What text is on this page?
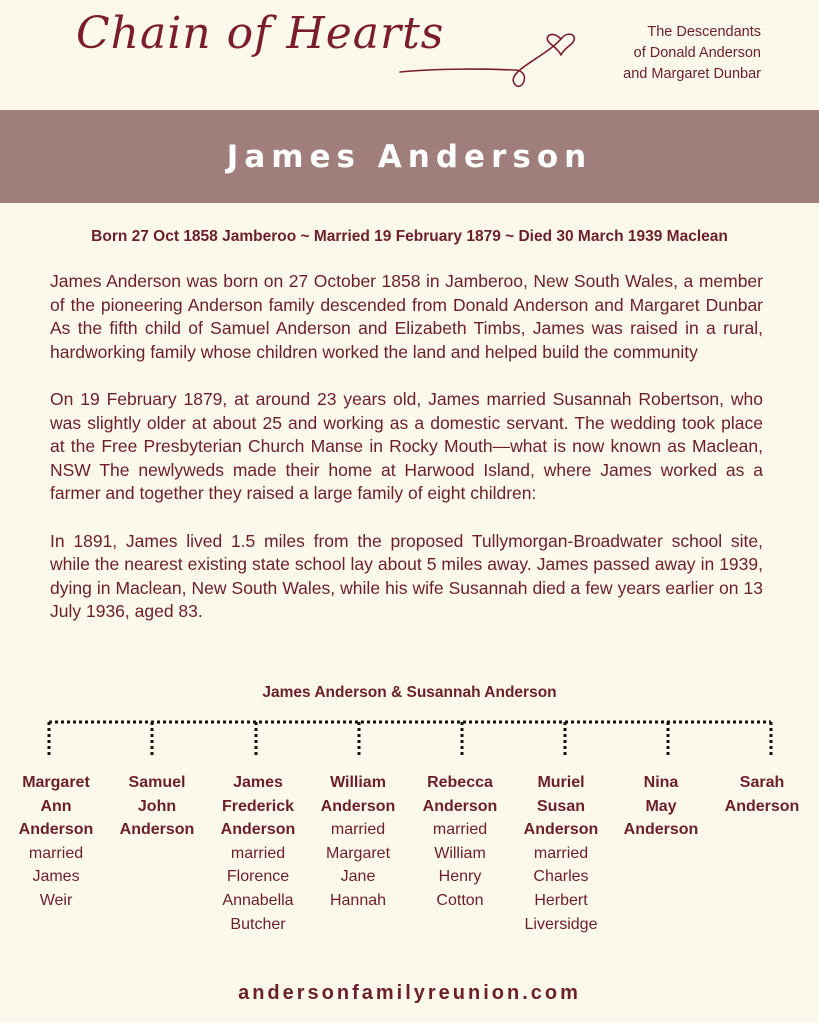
Chain of Hearts	The Descendants
of Donald Anderson
and Margaret Dunbar
James Anderson
Born 27 Oct 1858 Jamberoo ~ Married 19 February 1879 ~ Died 30 March 1939 Maclean

James Anderson was born on 27 October 1858 in Jamberoo, New South Wales, a member of the pioneering Anderson family descended from Donald Anderson and Margaret Dunbar As the fifth child of Samuel Anderson and Elizabeth Timbs, James was raised in a rural, hardworking family whose children worked the land and helped build the community

On 19 February 1879, at around 23 years old, James married Susannah Robertson, who was slightly older at about 25 and working as a domestic servant. The wedding took place at the Free Presbyterian Church Manse in Rocky Mouth—what is now known as Maclean, NSW The newlyweds made their home at Harwood Island, where James worked as a farmer and together they raised a large family of eight children:

In 1891, James lived 1.5 miles from the proposed Tullymorgan-Broadwater school site, while the nearest existing state school lay about 5 miles away. James passed away in 1939, dying in Maclean, New South Wales, while his wife Susannah died a few years earlier on 13 July 1936, aged 83.

James Anderson & Susannah Anderson
Margaret
Ann
Anderson
married
James
Weir
Samuel
John
Anderson
James
Frederick
Anderson
married
Florence
Annabella
Butcher
William
Anderson
married
Margaret
Jane
Hannah
Rebecca
Anderson
married
William
Henry
Cotton
Muriel
Susan
Anderson
married
Charles
Herbert
Liversidge
Nina
May
Anderson
Sarah
Anderson
andersonfamilyreunion.com
